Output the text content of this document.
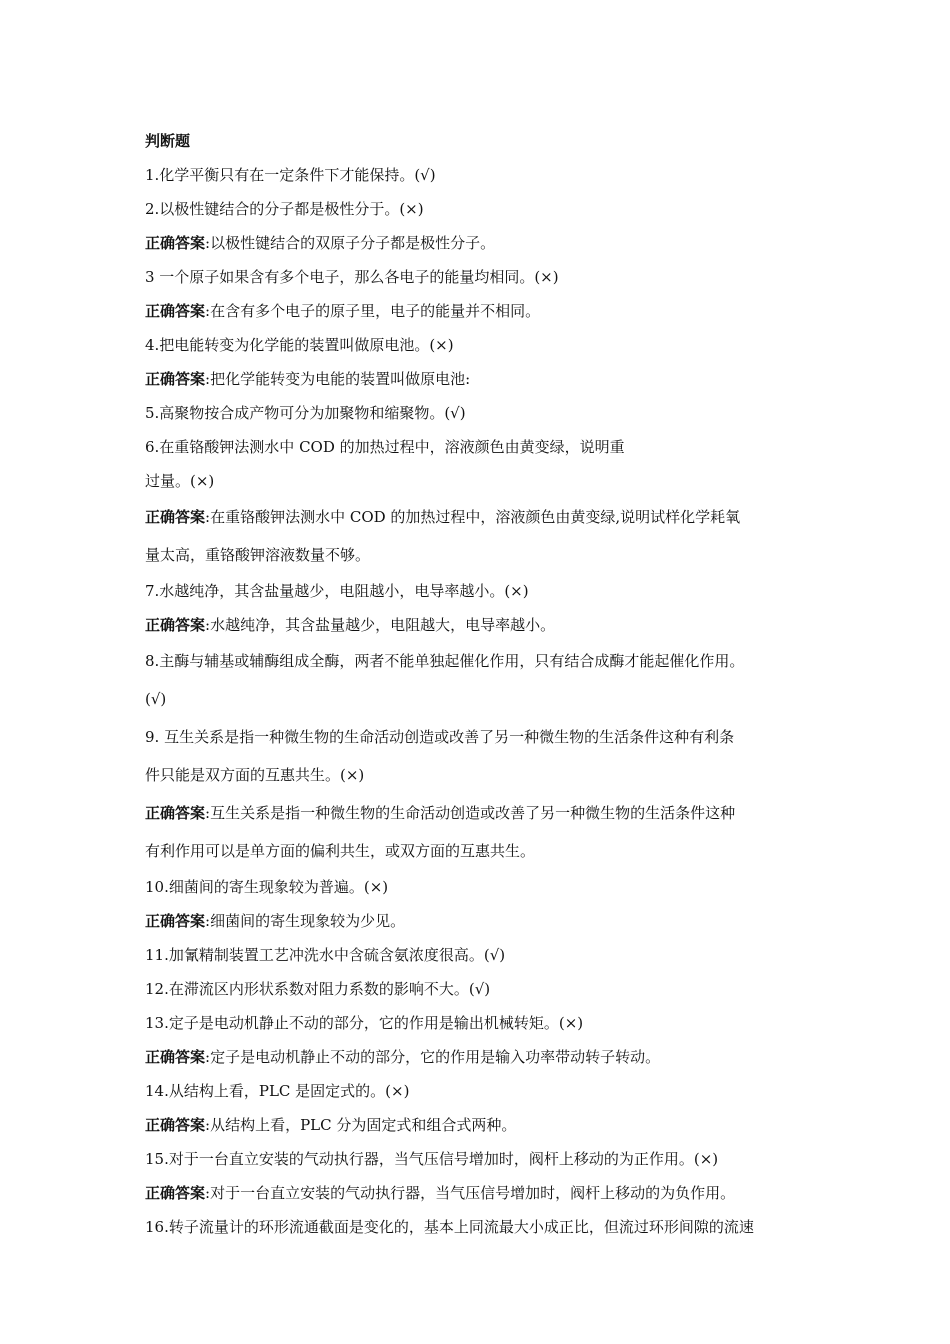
判断题
1.化学平衡只有在一定条件下才能保持。(√)
2.以极性键结合的分子都是极性分于。(×)
正确答案:以极性键结合的双原子分子都是极性分子。
3 一个原子如果含有多个电子，那么各电子的能量均相同。(×)
正确答案:在含有多个电子的原子里，电子的能量并不相同。
4.把电能转变为化学能的装置叫做原电池。(×)
正确答案:把化学能转变为电能的装置叫做原电池:
5.高聚物按合成产物可分为加聚物和缩聚物。(√)
6.在重铬酸钾法测水中 COD 的加热过程中，溶液颜色由黄变绿，说明重
过量。(×)
正确答案:在重铬酸钾法测水中 COD 的加热过程中，溶液颜色由黄变绿,说明试样化学耗氧
量太高，重铬酸钾溶液数量不够。
7.水越纯净，其含盐量越少，电阻越小，电导率越小。(×)
正确答案:水越纯净，其含盐量越少，电阻越大，电导率越小。
8.主酶与辅基或辅酶组成全酶，两者不能单独起催化作用，只有结合成酶才能起催化作用。
(√)
9. 互生关系是指一种微生物的生命活动创造或改善了另一种微生物的生活条件这种有利条
件只能是双方面的互惠共生。(×)
正确答案:互生关系是指一种微生物的生命活动创造或改善了另一种微生物的生活条件这种
有利作用可以是单方面的偏利共生，或双方面的互惠共生。
10.细菌间的寄生现象较为普遍。(×)
正确答案:细菌间的寄生现象较为少见。
11.加氰精制装置工艺冲洗水中含硫含氨浓度很高。(√)
12.在滞流区内形状系数对阻力系数的影响不大。(√)
13.定子是电动机静止不动的部分，它的作用是输出机械转矩。(×)
正确答案:定子是电动机静止不动的部分，它的作用是输入功率带动转子转动。
14.从结构上看，PLC 是固定式的。(×)
正确答案:从结构上看，PLC 分为固定式和组合式两种。
15.对于一台直立安装的气动执行器，当气压信号增加时，阀杆上移动的为正作用。(×)
正确答案:对于一台直立安装的气动执行器，当气压信号增加时，阀杆上移动的为负作用。
16.转子流量计的环形流通截面是变化的，基本上同流最大小成正比，但流过环形间隙的流速
